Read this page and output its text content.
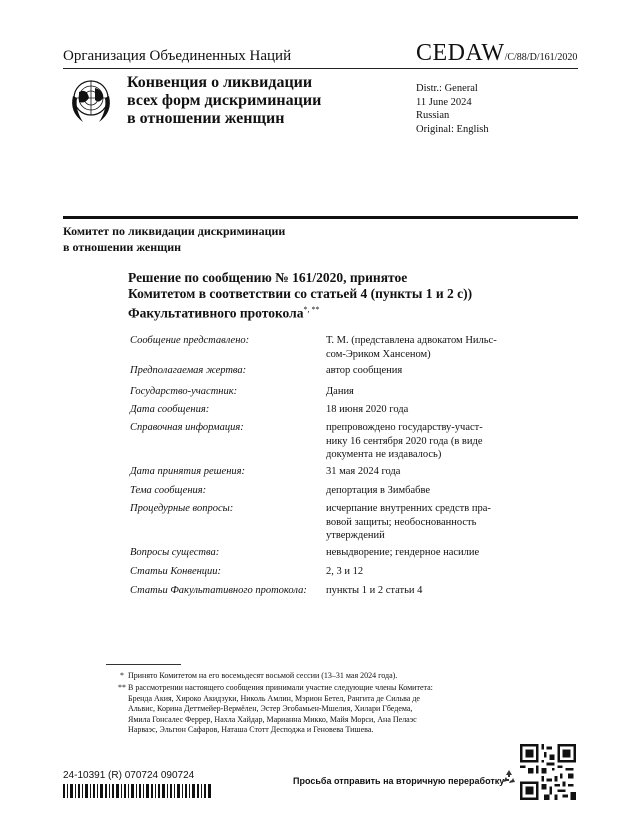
Организация Объединенных Наций	CEDAW/C/88/D/161/2020
Конвенция о ликвидации
всех форм дискриминации
в отношении женщин
Distr.: General
11 June 2024
Russian
Original: English
Комитет по ликвидации дискриминации
в отношении женщин
Решение по сообщению № 161/2020, принятое
Комитетом в соответствии со статьей 4 (пункты 1 и 2 с))
Факультативного протокола*, **
Сообщение представлено:	Т. М. (представлена адвокатом Нильс-
сом-Эриком Хансеном)
Предполагаемая жертва:	автор сообщения
Государство-участник:	Дания
Дата сообщения:	18 июня 2020 года
Справочная информация:	препровождено государству-участ-
нику 16 сентября 2020 года (в виде
документа не издавалось)
Дата принятия решения:	31 мая 2024 года
Тема сообщения:	депортация в Зимбабве
Процедурные вопросы:	исчерпание внутренних средств пра-
вовой защиты; необоснованность
утверждений
Вопросы существа:	невыдворение; гендерное насилие
Статьи Конвенции:	2, 3 и 12
Статьи Факультативного протокола:	пункты 1 и 2 статьи 4
* Принято Комитетом на его восемьдесят восьмой сессии (13–31 мая 2024 года).
** В рассмотрении настоящего сообщения принимали участие следующие члены Комитета:
Бренда Акия, Хироко Акидзуки, Николь Амлин, Мэрион Бетел, Рангита де Сильва де
Альвис, Корина Деттмейер-Вермёлен, Эстер Эгобамьен-Мшелия, Хилари Гбедема,
Ямила Гонсалес Феррер, Нахла Хайдар, Марианна Микко, Майя Морси, Ана Пелаэс
Нарваэс, Эльгюн Сафаров, Наташа Стотт Десподжа и Геновева Тишева.
24-10391 (R) 070724 090724	Просьба отправить на вторичную переработку
